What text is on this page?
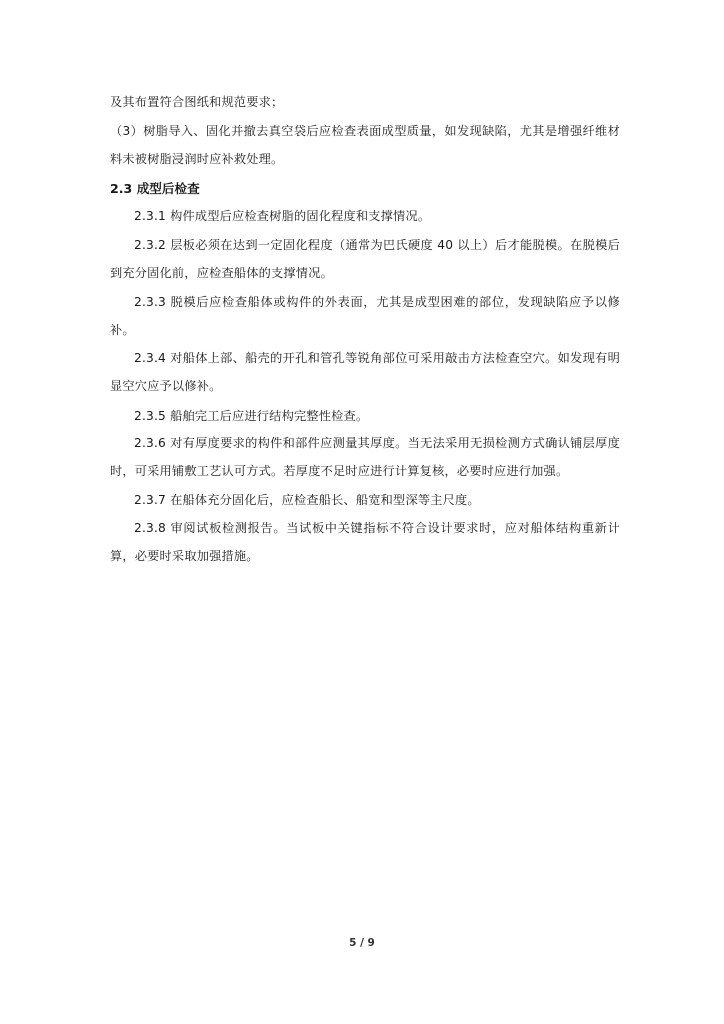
及其布置符合图纸和规范要求；
（3）树脂导入、固化并撤去真空袋后应检查表面成型质量，如发现缺陷，尤其是增强纤维材料未被树脂浸润时应补救处理。
2.3 成型后检查
2.3.1 构件成型后应检查树脂的固化程度和支撑情况。
2.3.2 层板必须在达到一定固化程度（通常为巴氏硬度 40 以上）后才能脱模。在脱模后到充分固化前，应检查船体的支撑情况。
2.3.3 脱模后应检查船体或构件的外表面，尤其是成型困难的部位，发现缺陷应予以修补。
2.3.4 对船体上部、船壳的开孔和管孔等锐角部位可采用敲击方法检查空穴。如发现有明显空穴应予以修补。
2.3.5 船舶完工后应进行结构完整性检查。
2.3.6 对有厚度要求的构件和部件应测量其厚度。当无法采用无损检测方式确认铺层厚度时，可采用铺敷工艺认可方式。若厚度不足时应进行计算复核，必要时应进行加强。
2.3.7 在船体充分固化后，应检查船长、船宽和型深等主尺度。
2.3.8 审阅试板检测报告。当试板中关键指标不符合设计要求时，应对船体结构重新计算，必要时采取加强措施。
5 / 9
